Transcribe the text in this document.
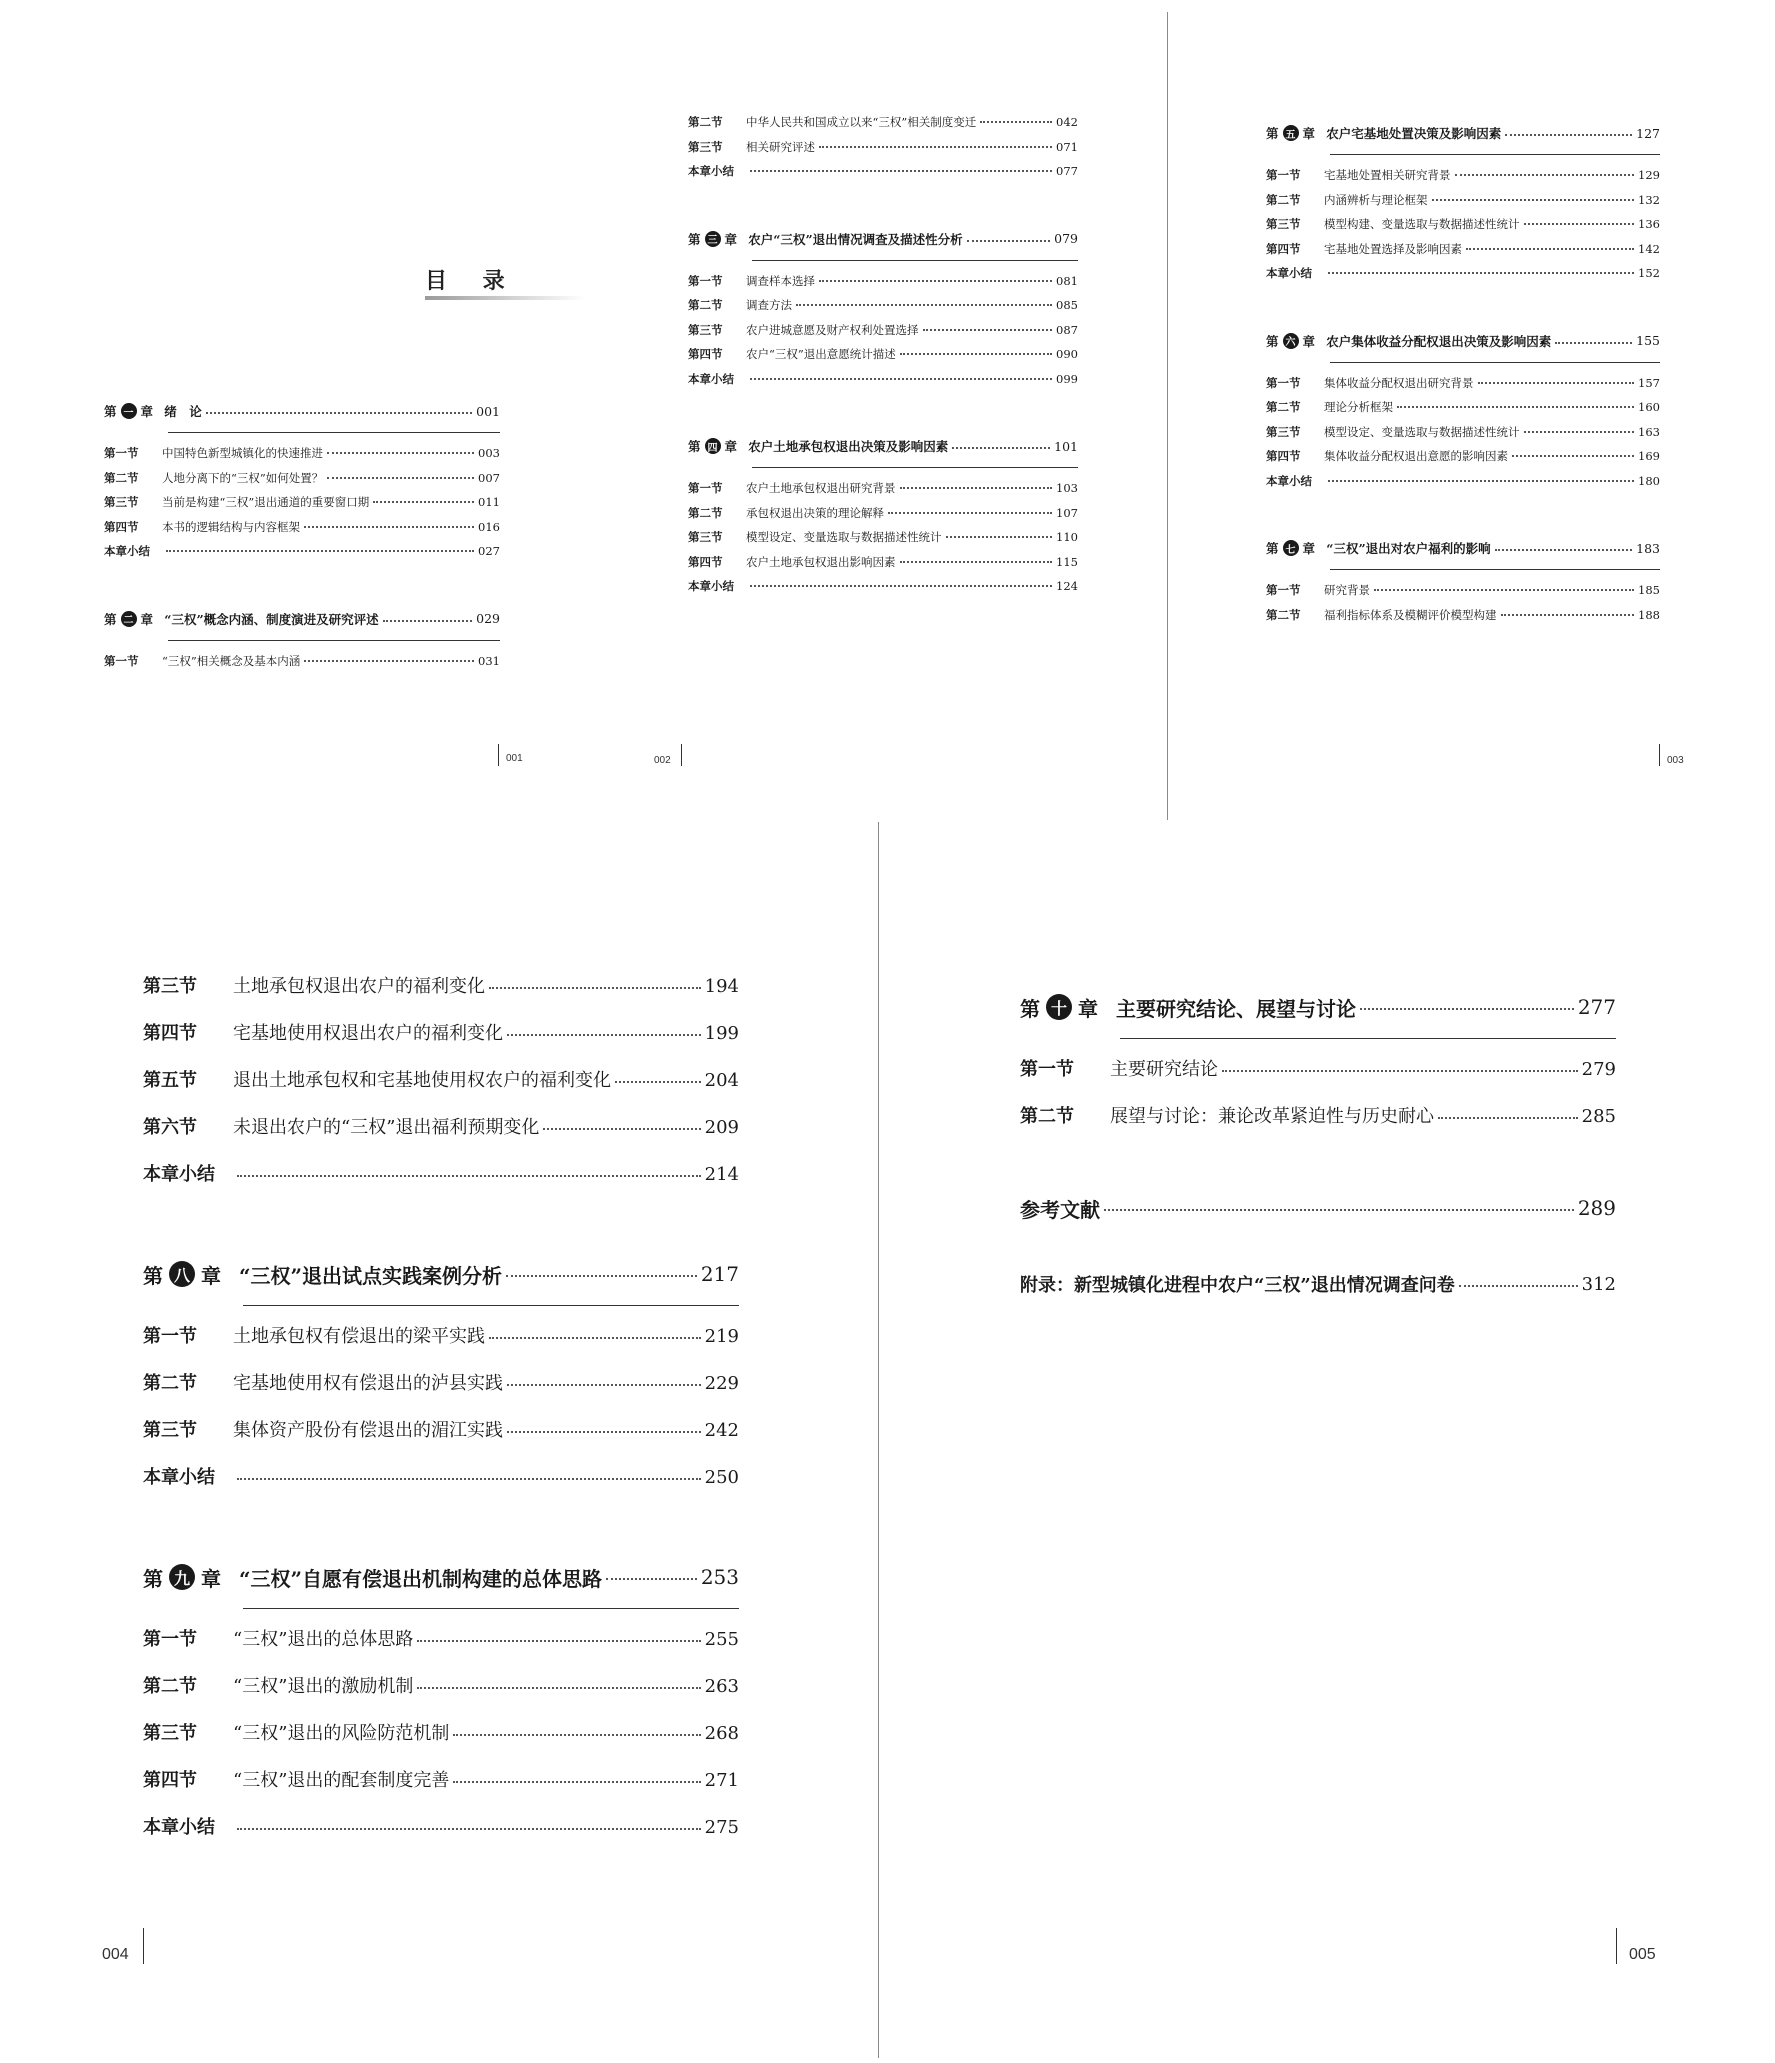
目 录
第 一 章 绪　论	001
第一节	中国特色新型城镇化的快速推进	003
第二节	人地分离下的“三权”如何处置？	007
第三节	当前是构建“三权”退出通道的重要窗口期	011
第四节	本书的逻辑结构与内容框架	016
本章小结	027
第 二 章 “三权”概念内涵、制度演进及研究评述	029
第一节	“三权”相关概念及基本内涵	031
001
第二节	中华人民共和国成立以来“三权”相关制度变迁	042
第三节	相关研究评述	071
本章小结	077
第 三 章 农户“三权”退出情况调查及描述性分析	079
第一节	调查样本选择	081
第二节	调查方法	085
第三节	农户进城意愿及财产权利处置选择	087
第四节	农户“三权”退出意愿统计描述	090
本章小结	099
第 四 章 农户土地承包权退出决策及影响因素	101
第一节	农户土地承包权退出研究背景	103
第二节	承包权退出决策的理论解释	107
第三节	模型设定、变量选取与数据描述性统计	110
第四节	农户土地承包权退出影响因素	115
本章小结	124
002
第 五 章 农户宅基地处置决策及影响因素	127
第一节	宅基地处置相关研究背景	129
第二节	内涵辨析与理论框架	132
第三节	模型构建、变量选取与数据描述性统计	136
第四节	宅基地处置选择及影响因素	142
本章小结	152
第 六 章 农户集体收益分配权退出决策及影响因素	155
第一节	集体收益分配权退出研究背景	157
第二节	理论分析框架	160
第三节	模型设定、变量选取与数据描述性统计	163
第四节	集体收益分配权退出意愿的影响因素	169
本章小结	180
第 七 章 “三权”退出对农户福利的影响	183
第一节	研究背景	185
第二节	福利指标体系及模糊评价模型构建	188
003
第三节	土地承包权退出农户的福利变化	194
第四节	宅基地使用权退出农户的福利变化	199
第五节	退出土地承包权和宅基地使用权农户的福利变化	204
第六节	未退出农户的“三权”退出福利预期变化	209
本章小结	214
第 八 章 “三权”退出试点实践案例分析	217
第一节	土地承包权有偿退出的梁平实践	219
第二节	宅基地使用权有偿退出的泸县实践	229
第三节	集体资产股份有偿退出的湄江实践	242
本章小结	250
第 九 章 “三权”自愿有偿退出机制构建的总体思路	253
第一节	“三权”退出的总体思路	255
第二节	“三权”退出的激励机制	263
第三节	“三权”退出的风险防范机制	268
第四节	“三权”退出的配套制度完善	271
本章小结	275
004
第 十 章 主要研究结论、展望与讨论	277
第一节	主要研究结论	279
第二节	展望与讨论：兼论改革紧迫性与历史耐心	285
参考文献	289
附录：新型城镇化进程中农户“三权”退出情况调查问卷	312
005
